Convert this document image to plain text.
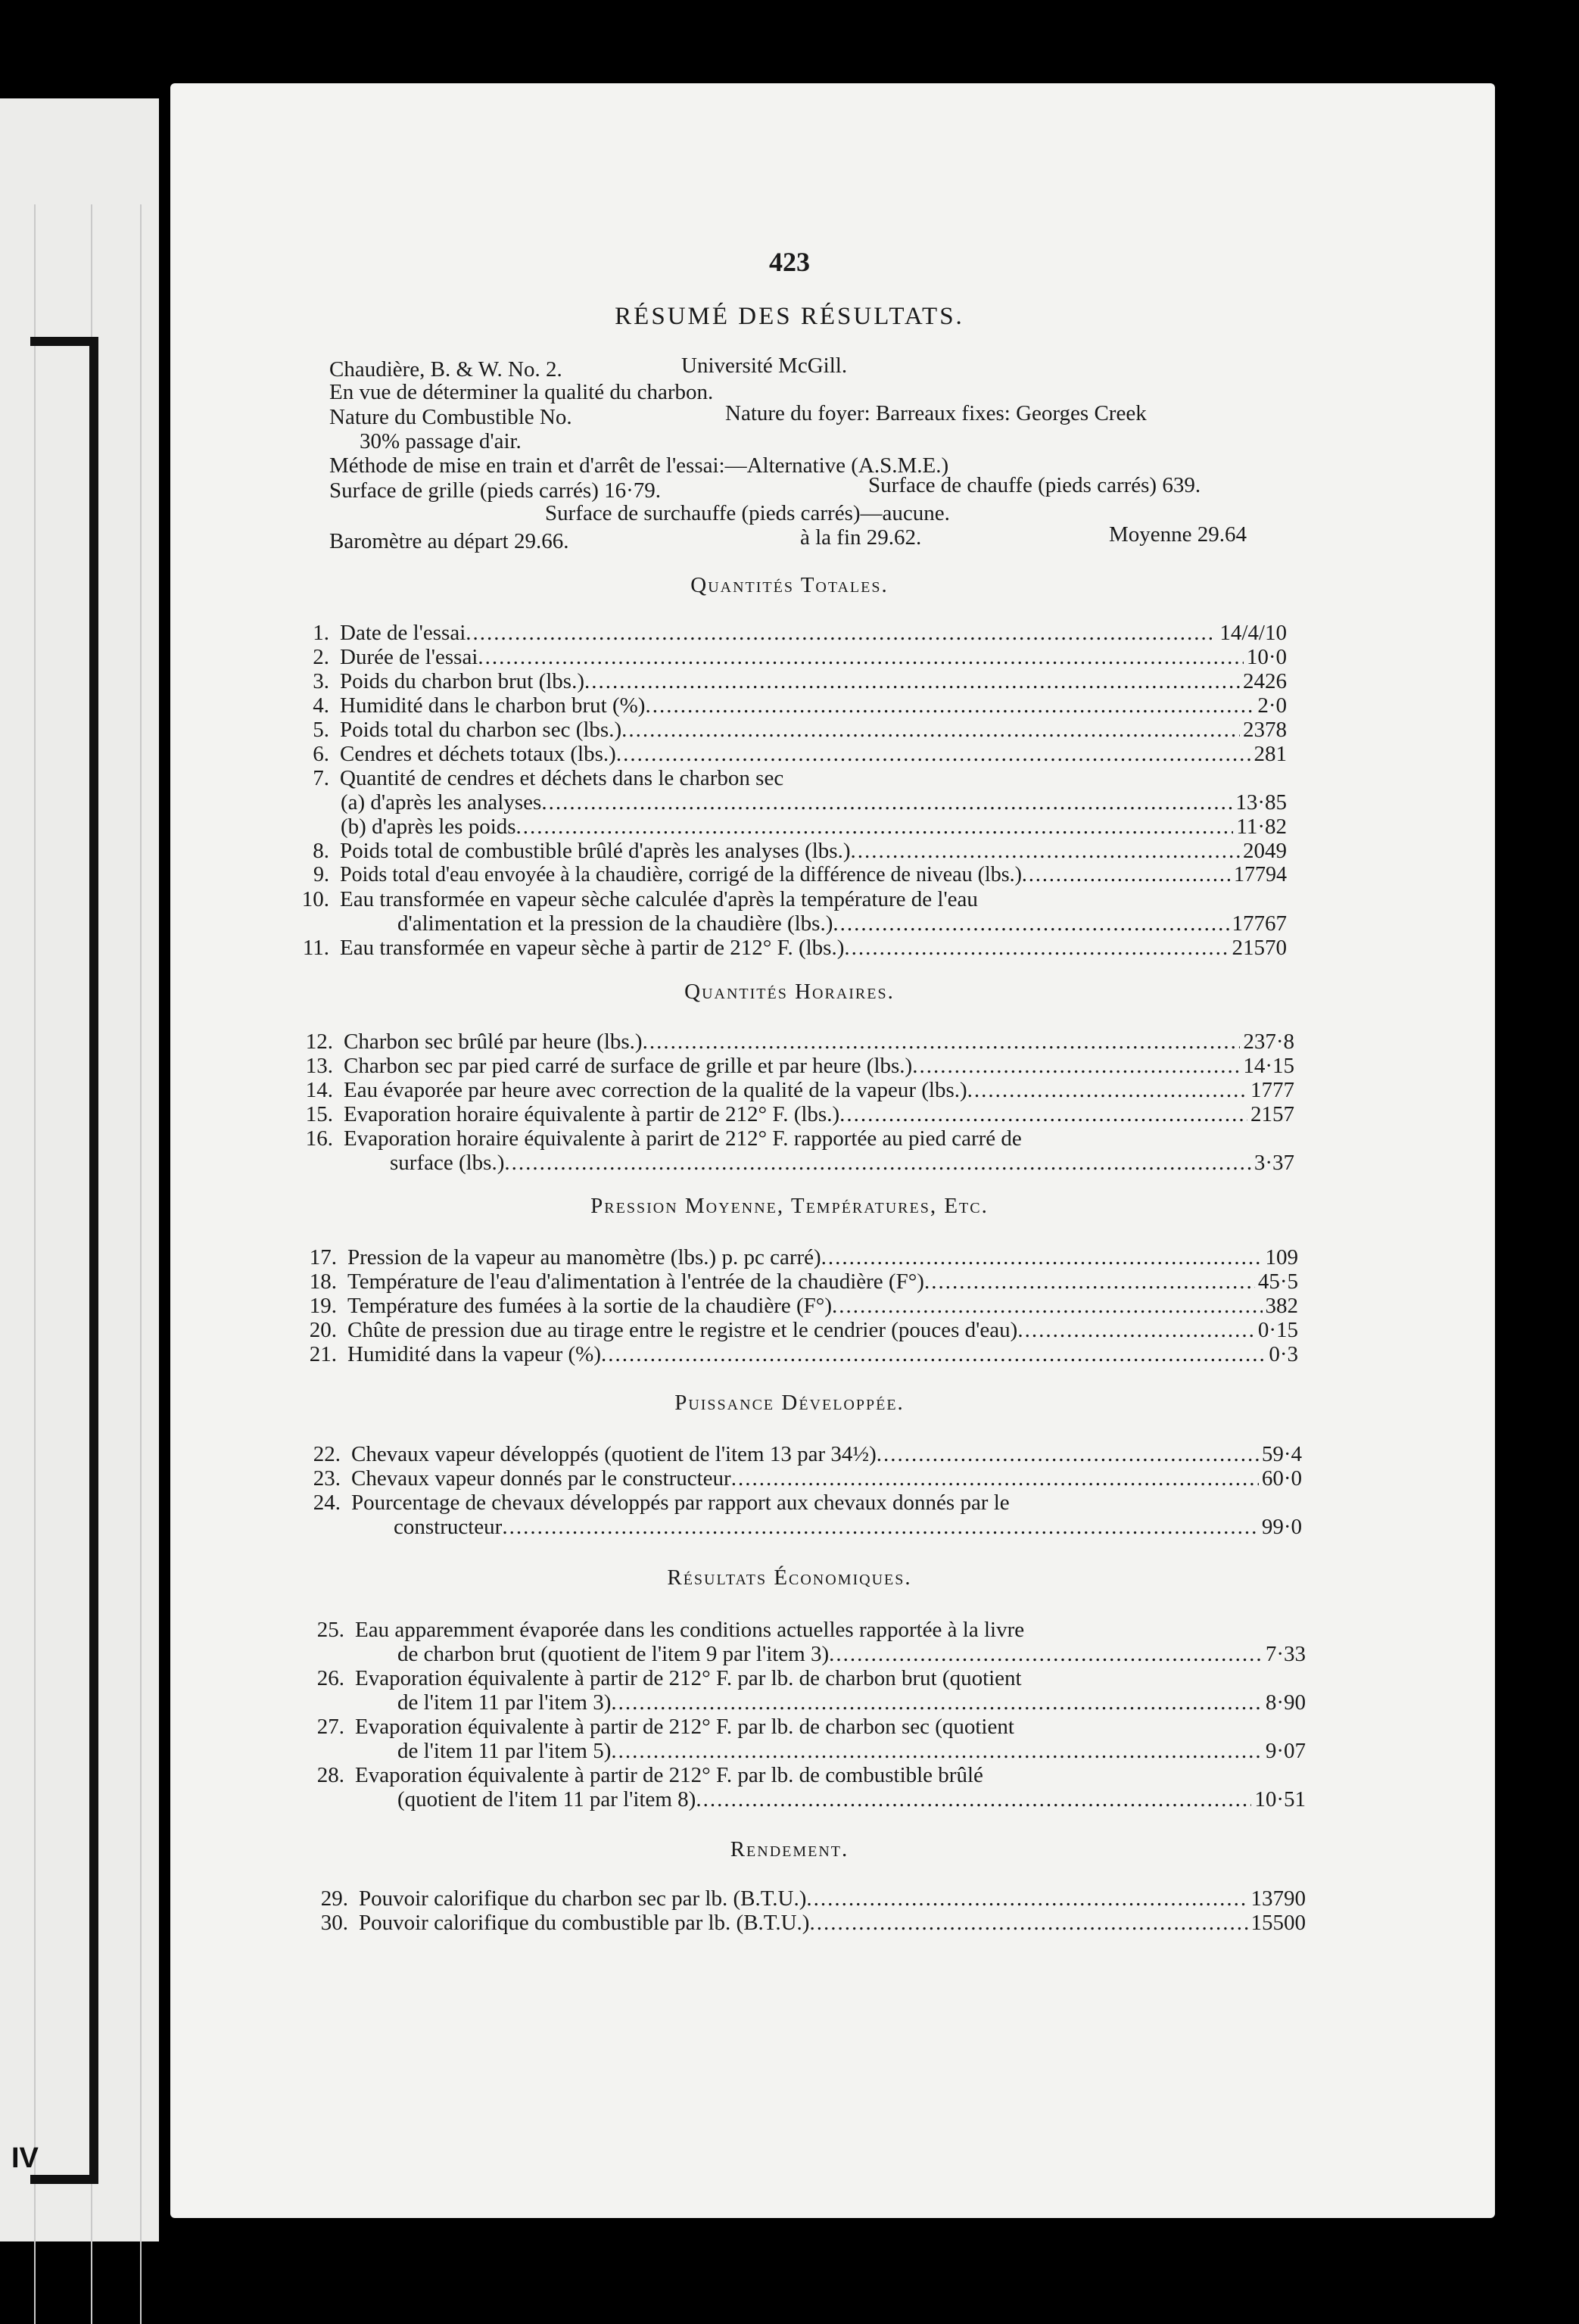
IV
423
RÉSUMÉ DES RÉSULTATS.
Chaudière, B. & W. No. 2.	Université McGill.
En vue de déterminer la qualité du charbon.
Nature du Combustible No.	Nature du foyer: Barreaux fixes: Georges Creek
30% passage d'air.
Méthode de mise en train et d'arrêt de l'essai:—Alternative (A.S.M.E.)
Surface de grille (pieds carrés) 16·79.	Surface de chauffe (pieds carrés) 639.
Surface de surchauffe (pieds carrés)—aucune.
Baromètre au départ 29.66.	à la fin 29.62.	Moyenne 29.64
Quantités Totales.
1. Date de l'essai .....	14/4/10
2. Durée de l'essai .....	10·0
3. Poids du charbon brut (lbs.) .....	2426
4. Humidité dans le charbon brut (%) .....	2·0
5. Poids total du charbon sec (lbs.) .....	2378
6. Cendres et déchets totaux (lbs.) .....	281
7. Quantité de cendres et déchets dans le charbon sec
(a) d'après les analyses .....	13·85
(b) d'après les poids .....	11·82
8. Poids total de combustible brûlé d'après les analyses (lbs.) .....	2049
9. Poids total d'eau envoyée à la chaudière, corrigé de la différence de niveau (lbs.) .....	17794
10. Eau transformée en vapeur sèche calculée d'après la température de l'eau
d'alimentation et la pression de la chaudière (lbs.) .....	17767
11. Eau transformée en vapeur sèche à partir de 212° F. (lbs.) .....	21570
Quantités Horaires.
12. Charbon sec brûlé par heure (lbs.) .....	237·8
13. Charbon sec par pied carré de surface de grille et par heure (lbs.) .....	14·15
14. Eau évaporée par heure avec correction de la qualité de la vapeur (lbs.) .....	1777
15. Evaporation horaire équivalente à partir de 212° F. (lbs.) .....	2157
16. Evaporation horaire équivalente à parirt de 212° F. rapportée au pied carré de
surface (lbs.) .....	3·37
Pression Moyenne, Températures, Etc.
17. Pression de la vapeur au manomètre (lbs.) p. pc carré) .....	109
18. Température de l'eau d'alimentation à l'entrée de la chaudière (F°) .....	45·5
19. Température des fumées à la sortie de la chaudière (F°) .....	382
20. Chûte de pression due au tirage entre le registre et le cendrier (pouces d'eau) .....	0·15
21. Humidité dans la vapeur (%) .....	0·3
Puissance Développée.
22. Chevaux vapeur développés (quotient de l'item 13 par 34½) .....	59·4
23. Chevaux vapeur donnés par le constructeur .....	60·0
24. Pourcentage de chevaux développés par rapport aux chevaux donnés par le
constructeur .....	99·0
Résultats Économiques.
25. Eau apparemment évaporée dans les conditions actuelles rapportée à la livre
de charbon brut (quotient de l'item 9 par l'item 3) .....	7·33
26. Evaporation équivalente à partir de 212° F. par lb. de charbon brut (quotient
de l'item 11 par l'item 3) .....	8·90
27. Evaporation équivalente à partir de 212° F. par lb. de charbon sec (quotient
de l'item 11 par l'item 5) .....	9·07
28. Evaporation équivalente à partir de 212° F. par lb. de combustible brûlé
(quotient de l'item 11 par l'item 8) .....	10·51
Rendement.
29. Pouvoir calorifique du charbon sec par lb. (B.T.U.) .....	13790
30. Pouvoir calorifique du combustible par lb. (B.T.U.) .....	15500
